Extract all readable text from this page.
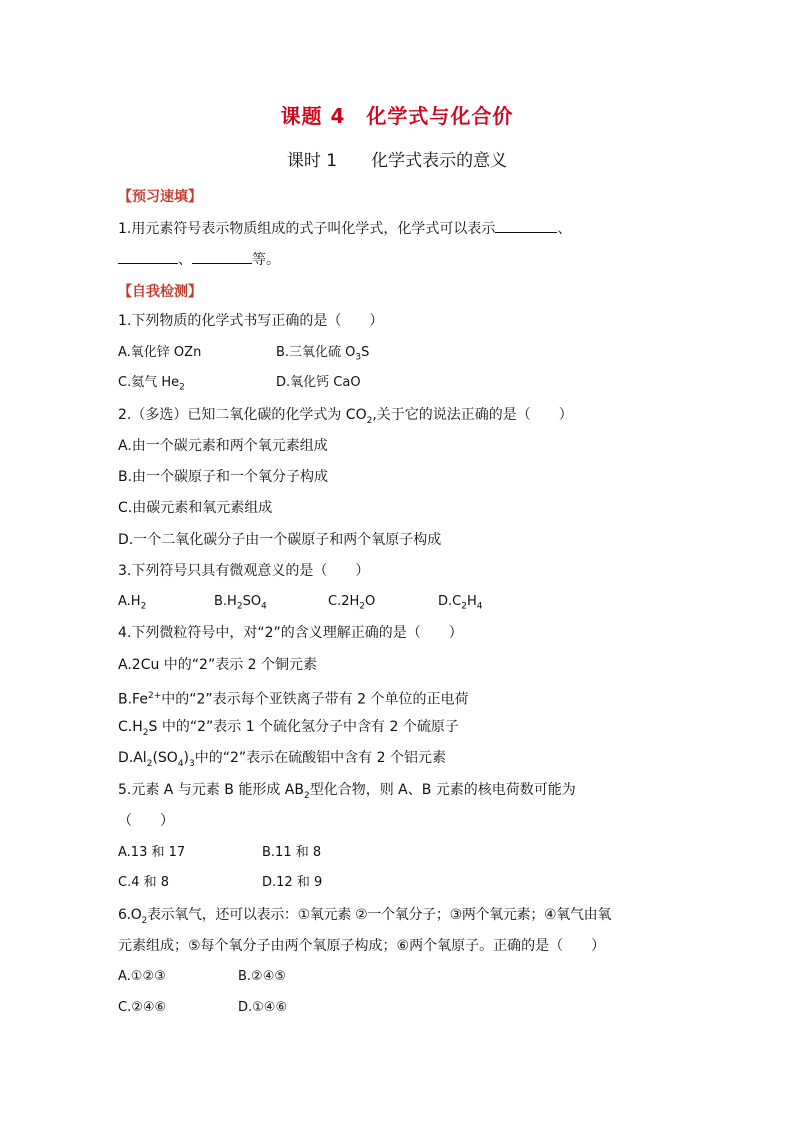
课题 4　化学式与化合价
课时 1　　化学式表示的意义
【预习速填】
1.用元素符号表示物质组成的式子叫化学式，化学式可以表示	、
、	等。
【自我检测】
1.下列物质的化学式书写正确的是（　　）
A.氧化锌 OZn	B.三氧化硫 $O_3S$
C.氦气 $He_2$	D.氧化钙 CaO
2.（多选）已知二氧化碳的化学式为 $CO_2$,关于它的说法正确的是（　　）
A.由一个碳元素和两个氧元素组成
B.由一个碳原子和一个氧分子构成
C.由碳元素和氧元素组成
D.一个二氧化碳分子由一个碳原子和两个氧原子构成
3.下列符号只具有微观意义的是（　　）
$A.H_2$	$B.H_2SO_4$	$C.2H_2O$	$D.C_2H_4$
4.下列微粒符号中，对“2”的含义理解正确的是（　　）
A.2Cu 中的“2”表示 2 个铜元素
$B.Fe^{2+}$中的“2”表示每个亚铁离子带有 2 个单位的正电荷
$C.H_2S$ 中的“2”表示 1 个硫化氢分子中含有 2 个硫原子
$D.Al_2(SO_4)_3$中的“2”表示在硫酸铝中含有 2 个铝元素
5.元素 A 与元素 B 能形成 $AB_2$型化合物，则 A、B 元素的核电荷数可能为
（　　）
A.13 和 17	B.11 和 8
C.4 和 8	D.12 和 9
$6.O_2$表示氧气，还可以表示：①氧元素 ②一个氧分子；③两个氧元素；④氧气由氧
元素组成；⑤每个氧分子由两个氧原子构成；⑥两个氧原子。正确的是（　　）
A.①②③	B.②④⑤
C.②④⑥	D.①④⑥
